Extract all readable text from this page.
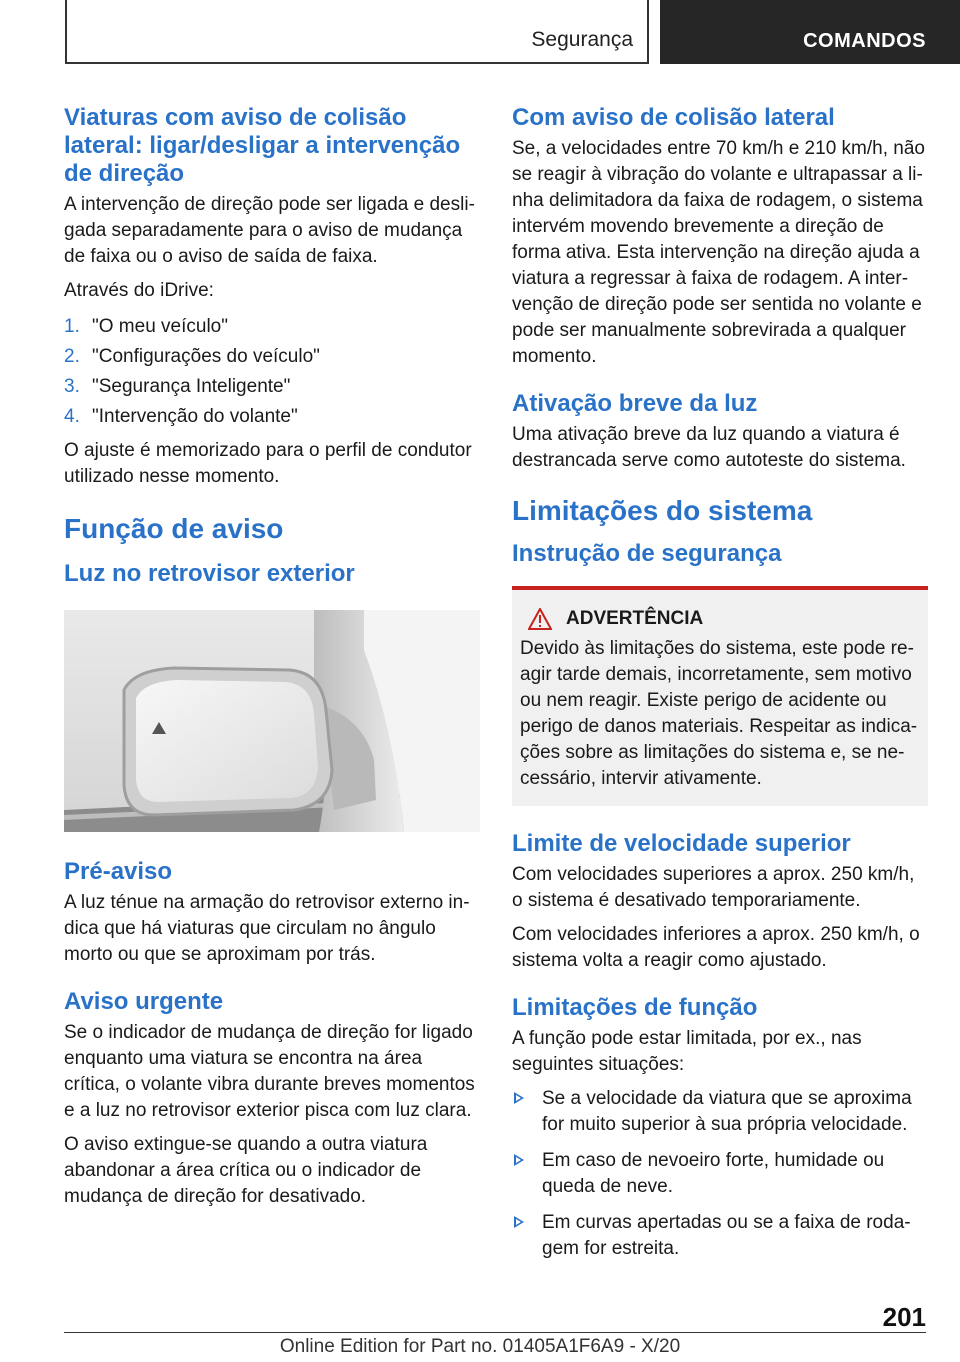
Segurança	COMANDOS
Viaturas com aviso de colisão lateral: ligar/desligar a intervenção de direção

A intervenção de direção pode ser ligada e desligada separadamente para o aviso de mudança de faixa ou o aviso de saída de faixa.

Através do iDrive:

1. "O meu veículo"
2. "Configurações do veículo"
3. "Segurança Inteligente"
4. "Intervenção do volante"

O ajuste é memorizado para o perfil de condutor utilizado nesse momento.

Função de aviso
Luz no retrovisor exterior
Pré-aviso

A luz ténue na armação do retrovisor externo indica que há viaturas que circulam no ângulo morto ou que se aproximam por trás.

Aviso urgente

Se o indicador de mudança de direção for ligado enquanto uma viatura se encontra na área crítica, o volante vibra durante breves momentos e a luz no retrovisor exterior pisca com luz clara.

O aviso extingue-se quando a outra viatura abandonar a área crítica ou o indicador de mudança de direção for desativado.

Com aviso de colisão lateral

Se, a velocidades entre 70 km/h e 210 km/h, não se reagir à vibração do volante e ultrapassar a linha delimitadora da faixa de rodagem, o sistema intervém movendo brevemente a direção de forma ativa. Esta intervenção na direção ajuda a viatura a regressar à faixa de rodagem. A intervenção de direção pode ser sentida no volante e pode ser manualmente sobrevirada a qualquer momento.

Ativação breve da luz

Uma ativação breve da luz quando a viatura é destrancada serve como autoteste do sistema.

Limitações do sistema
Instrução de segurança
ADVERTÊNCIA

Devido às limitações do sistema, este pode reagir tarde demais, incorretamente, sem motivo ou nem reagir. Existe perigo de acidente ou perigo de danos materiais. Respeitar as indicações sobre as limitações do sistema e, se necessário, intervir ativamente.

Limite de velocidade superior

Com velocidades superiores a aprox. 250 km/h, o sistema é desativado temporariamente.

Com velocidades inferiores a aprox. 250 km/h, o sistema volta a reagir como ajustado.

Limitações de função

A função pode estar limitada, por ex., nas seguintes situações:

Se a velocidade da viatura que se aproxima for muito superior à sua própria velocidade.
Em caso de nevoeiro forte, humidade ou queda de neve.
Em curvas apertadas ou se a faixa de rodagem for estreita.
201
Online Edition for Part no. 01405A1F6A9 - X/20
